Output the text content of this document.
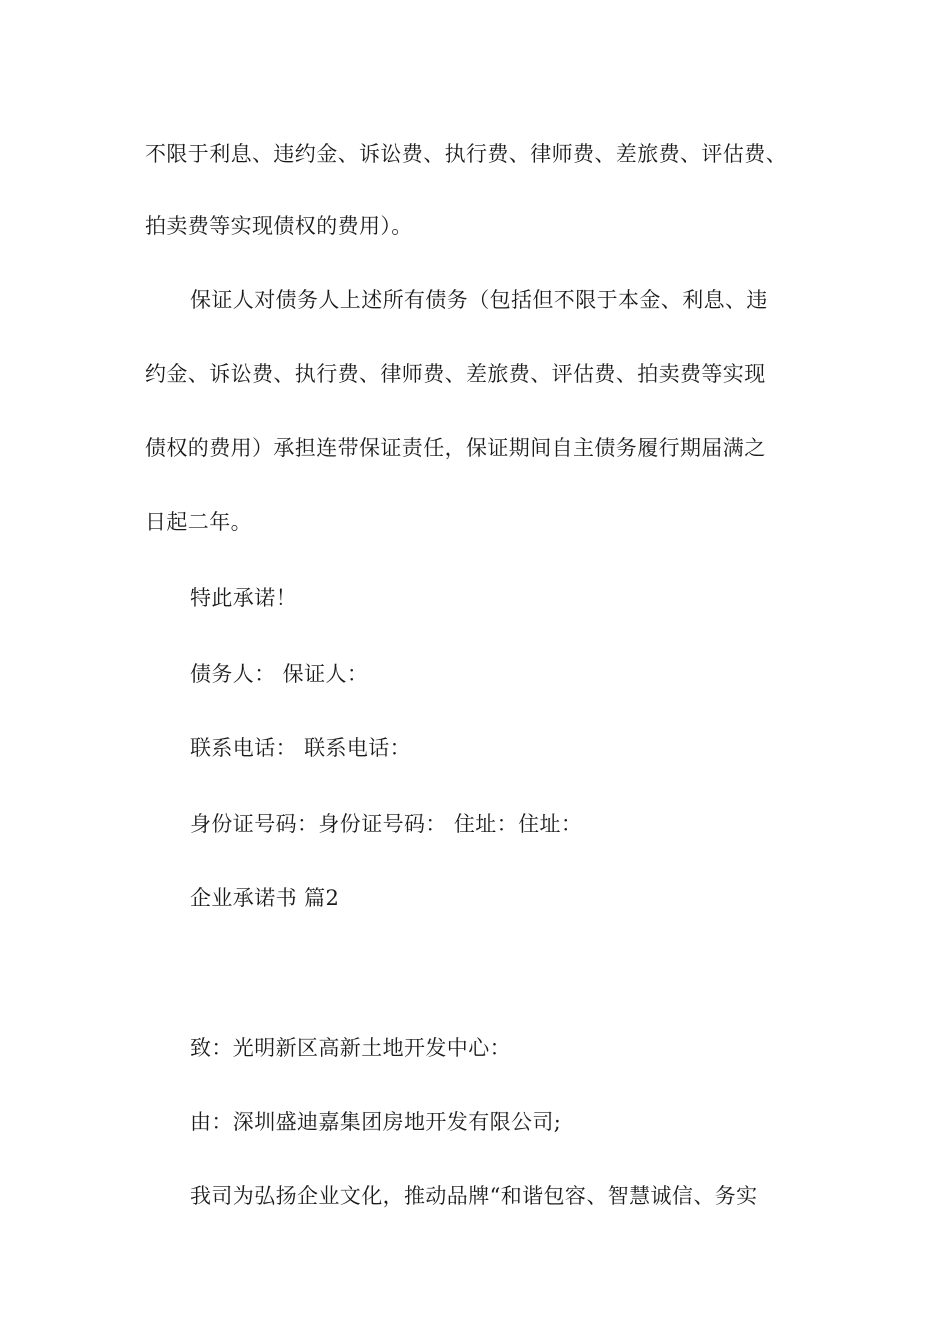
不限于利息、违约金、诉讼费、执行费、律师费、差旅费、评估费、
拍卖费等实现债权的费用）。
保证人对债务人上述所有债务（包括但不限于本金、利息、违
约金、诉讼费、执行费、律师费、差旅费、评估费、拍卖费等实现
债权的费用）承担连带保证责任，保证期间自主债务履行期届满之
日起二年。
特此承诺！
债务人： 保证人：
联系电话： 联系电话：
身份证号码：身份证号码： 住址：住址：
企业承诺书 篇2
致：光明新区高新土地开发中心：
由：深圳盛迪嘉集团房地开发有限公司;
我司为弘扬企业文化，推动品牌“和谐包容、智慧诚信、务实
